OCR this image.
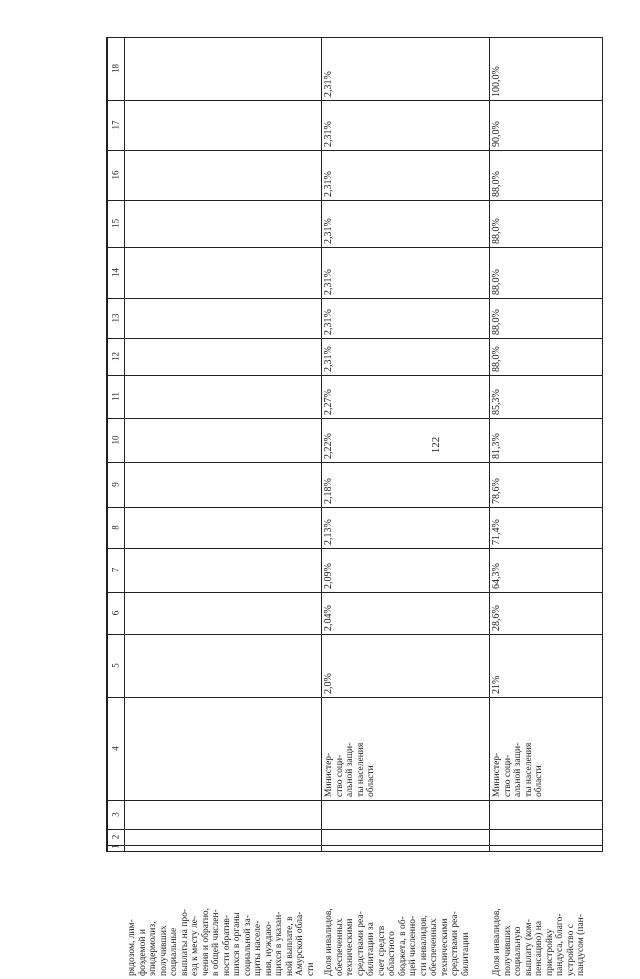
122
18
17
16
15
14
13
12
11
10
9
8
7
6
5
4
3
2
1
рядозом, лим-
фоэдемой и
эпидермолиз,
получивших
социальные
выплаты на про-
езд к месту ле-
чения и обратно,
в общей числен-
ности обратив-
шихся в органы
социальной за-
щиты населе-
ния, нуждаю-
щихся в указан-
ной выплате, в
Амурской обла-
сти Доля инвалидов,
обеспеченных
техническими
средствами реа-
билитации за
счет средств
областного
бюджета, в об-
щей численно-
сти инвалидов,
обеспеченных
техническими
средствами реа-
билитации
Министер-
ство соци-
альной защи-
ты населения
области
2,0%
2,04%
2,09%
2,13%
2,18%
2,22%
2,27%
2,31%
2,31%
2,31%
2,31%
2,31%
2,31%
2,31%
Доля инвалидов,
получивших
социальную
выплату (ком-
пенсацию) на
пристройку
пандуса, благо-
устройство с
пандусом (пан-
Министер-
ство соци-
альной защи-
ты населения
области
21%
28,6%
64,3%
71,4%
78,6%
81,3%
85,3%
88,0%
88,0%
88,0%
88,0%
88,0%
90,0%
100,0%
